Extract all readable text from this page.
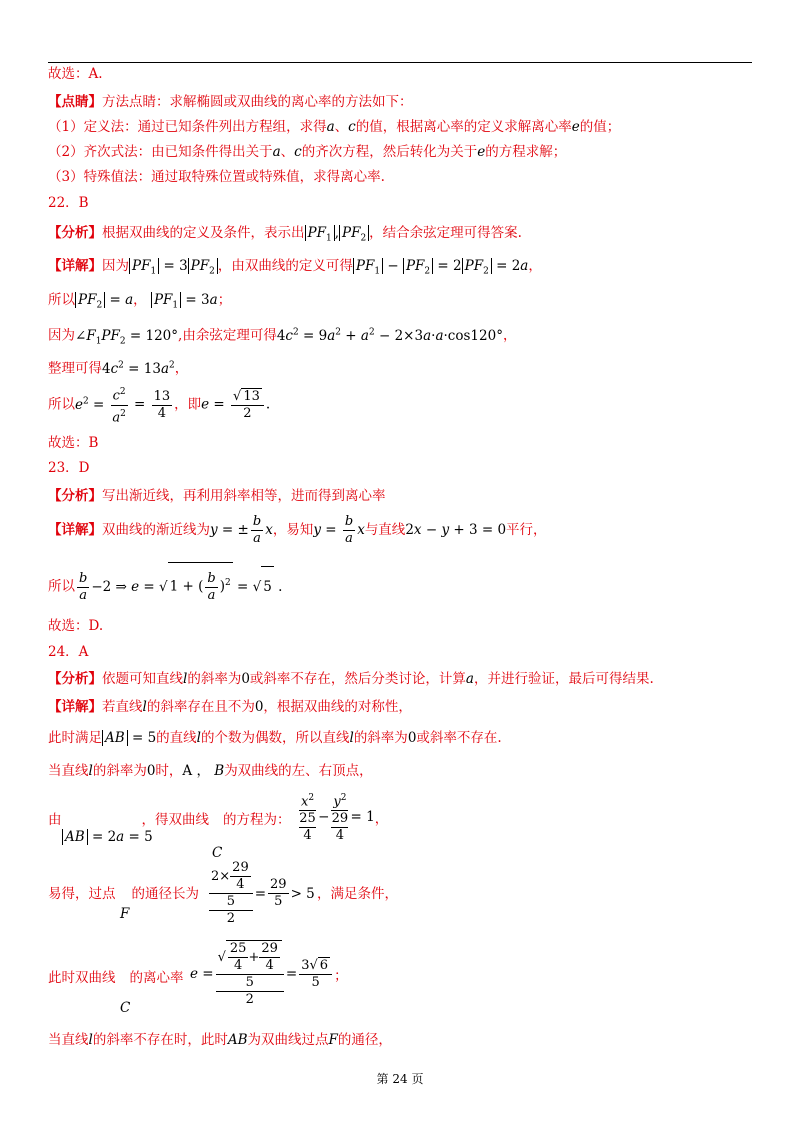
故选：A.
【点睛】方法点睛：求解椭圆或双曲线的离心率的方法如下：
（1）定义法：通过已知条件列出方程组，求得a、c的值，根据离心率的定义求解离心率e的值；
（2）齐次式法：由已知条件得出关于a、c的齐次方程，然后转化为关于e的方程求解；
（3）特殊值法：通过取特殊位置或特殊值，求得离心率.
22．B
【分析】根据双曲线的定义及条件，表示出 $PF_1$ , $PF_2$ ，结合余弦定理可得答案.
【详解】因为 $PF_1 = 3$ $PF_2$ ，由双曲线的定义可得 $PF_1 - PF_2 = 2$ $PF_2 = 2a$，
所以 $PF_2 = a$， $PF_1 = 3a$；
因为$\angle F_1PF_2 = 120^\circ$,由余弦定理可得$4c^2 = 9a^2 + a^2 - 2\times 3a\cdot a\cdot\cos 120^\circ$，
整理可得$4c^2 = 13a^2$，
所以$e^2 = \frac{c^2}{a^2} = \frac{13}{4}$ ，即$e = \frac{√ 13}{2}$ .
故选：B
23．D
【分析】写出渐近线，再利用斜率相等，进而得到离心率
【详解】双曲线的渐近线为y = ± $\frac{b}{a}$ x，易知$y = \frac{b}{a}$ x与直线2x − y + 3 = 0平行，
所以 $\frac{b}{a} -2$ ⇒ e = √ 1 + ( $\frac{b}{a} )^2$ = √ 5 .
故选：D.
24．A
【分析】依题可知直线l的斜率为0或斜率不存在，然后分类讨论，计算a，并进行验证，最后可得结果.
【详解】若直线l的斜率存在且不为0，根据双曲线的对称性，
此时满足 AB = 5的直线l的个数为偶数，所以直线l的斜率为0或斜率不存在.
当直线l的斜率为0时，A ， B为双曲线的左、右顶点，
由	，得双曲线 的方程为：
AB = 2a = 5
C
$x^2$
25
4
−
$y^2$
29
4
= 1 ，
易得，过点 的通径长为	，满足条件，
F
$2\times \frac{29}{4}$
5
2
= $\frac{29}{5} > 5$
此时双曲线 的离心率
C
e =
√ $\frac{25}{4} + \frac{29}{4}$
5
2
= $\frac{3√ 6}{5}$ ；
当直线l的斜率不存在时，此时AB为双曲线过点F的通径，
第 24 页
